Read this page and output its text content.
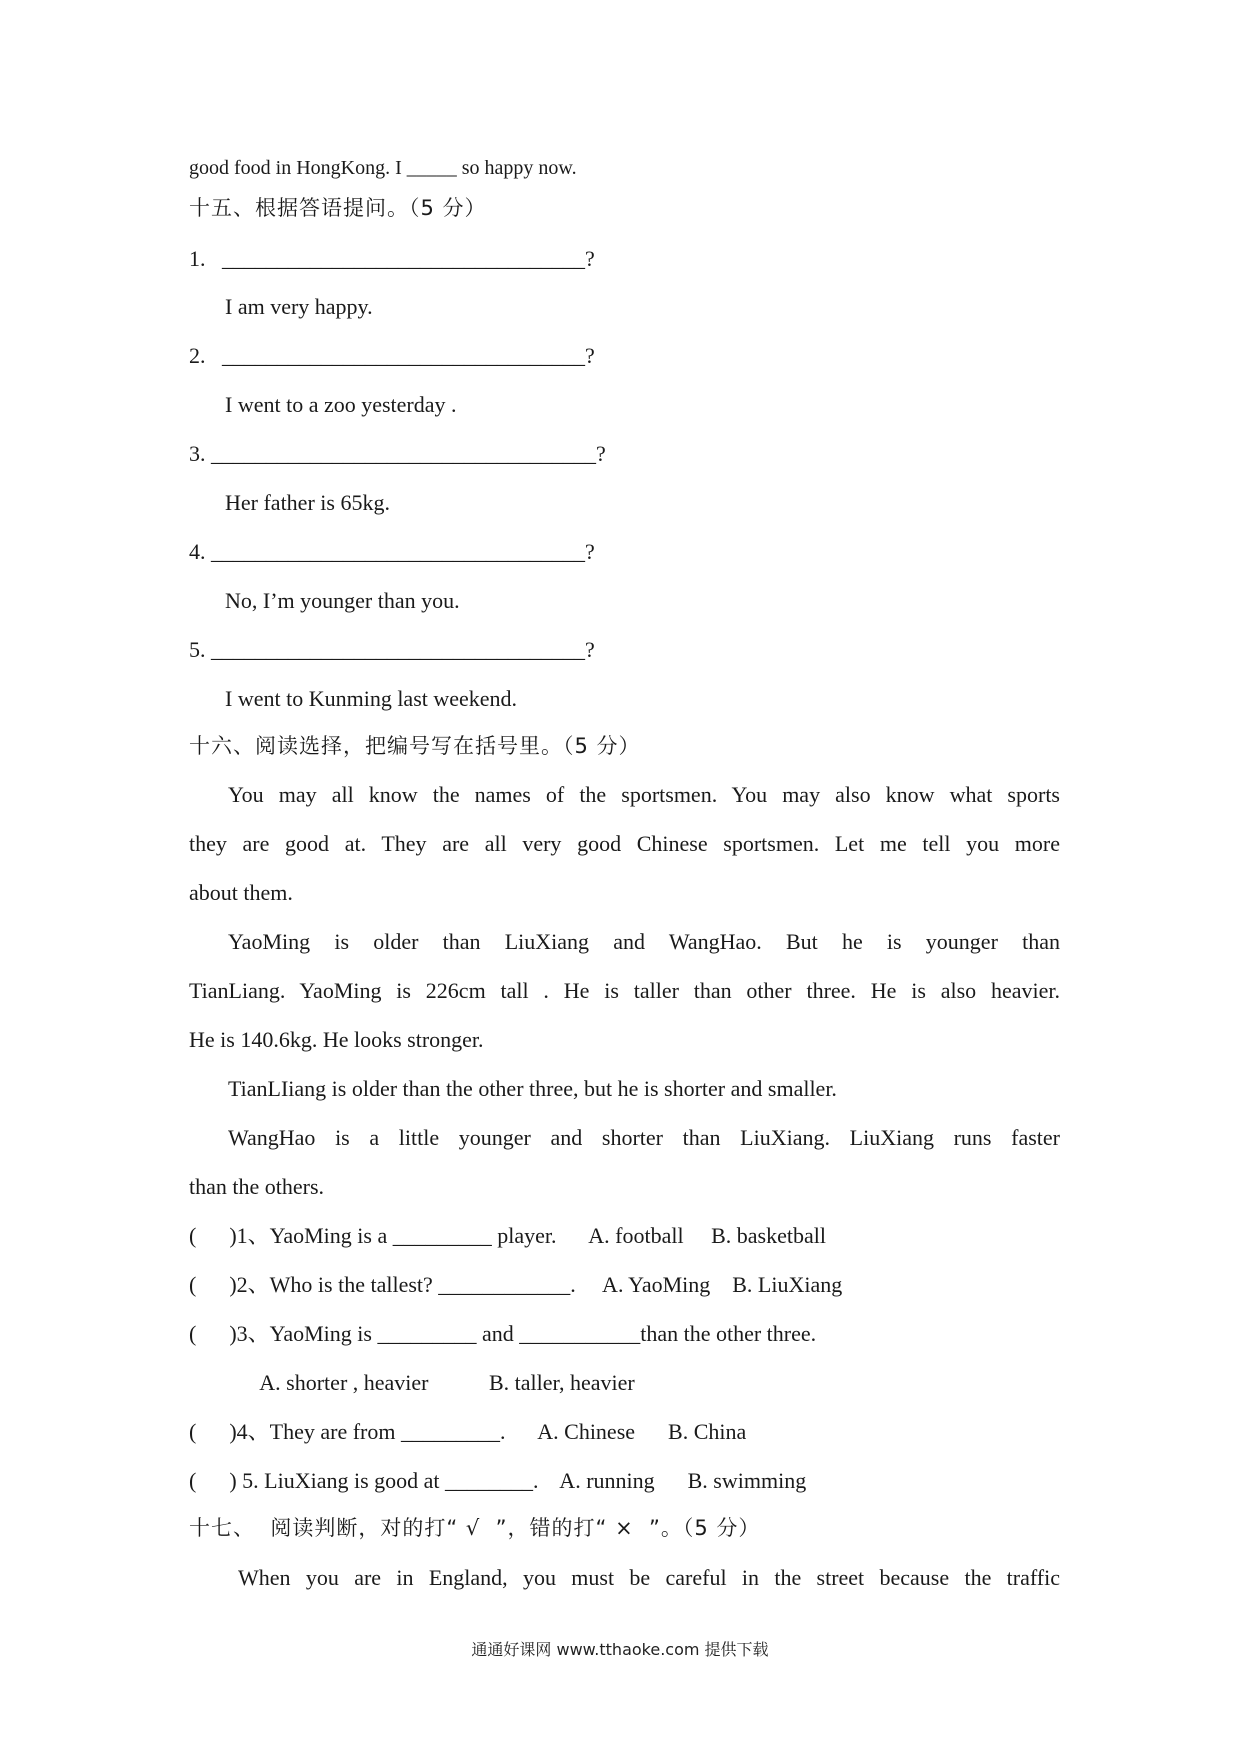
good food in HongKong. I _____ so happy now.
十五、根据答语提问。（5 分）
1.   _________________________________?
I am very happy.
2.   _________________________________?
I went to a zoo yesterday .
3. ___________________________________?
Her father is 65kg.
4. __________________________________?
No, I’m younger than you.
5. __________________________________?
I went to Kunming last weekend.
十六、阅读选择，把编号写在括号里。（5 分）
You may all know the names of the sportsmen. You may also know what sports
they are good at. They are all very good Chinese sportsmen. Let me tell you more
about them.
YaoMing is older than LiuXiang and WangHao. But he is younger than
TianLiang. YaoMing is 226cm tall . He is taller than other three. He is also heavier.
He is 140.6kg. He looks stronger.
TianLIiang is older than the other three, but he is shorter and smaller.
WangHao is a little younger and shorter than LiuXiang. LiuXiang runs faster
than the others.
(      )1、YaoMing is a _________ player.      A. football     B. basketball
(      )2、Who is the tallest? ____________.     A. YaoMing    B. LiuXiang
(      )3、YaoMing is _________ and ___________than the other three.
A. shorter , heavier           B. taller, heavier
(      )4、They are from _________.      A. Chinese      B. China
(      ) 5. LiuXiang is good at ________.    A. running      B. swimming
十七、  阅读判断，对的打“ √  ”，错的打“ ×  ”。（5 分）
When you are in England, you must be careful in the street because the traffic
通通好课网 www.tthaoke.com 提供下载
